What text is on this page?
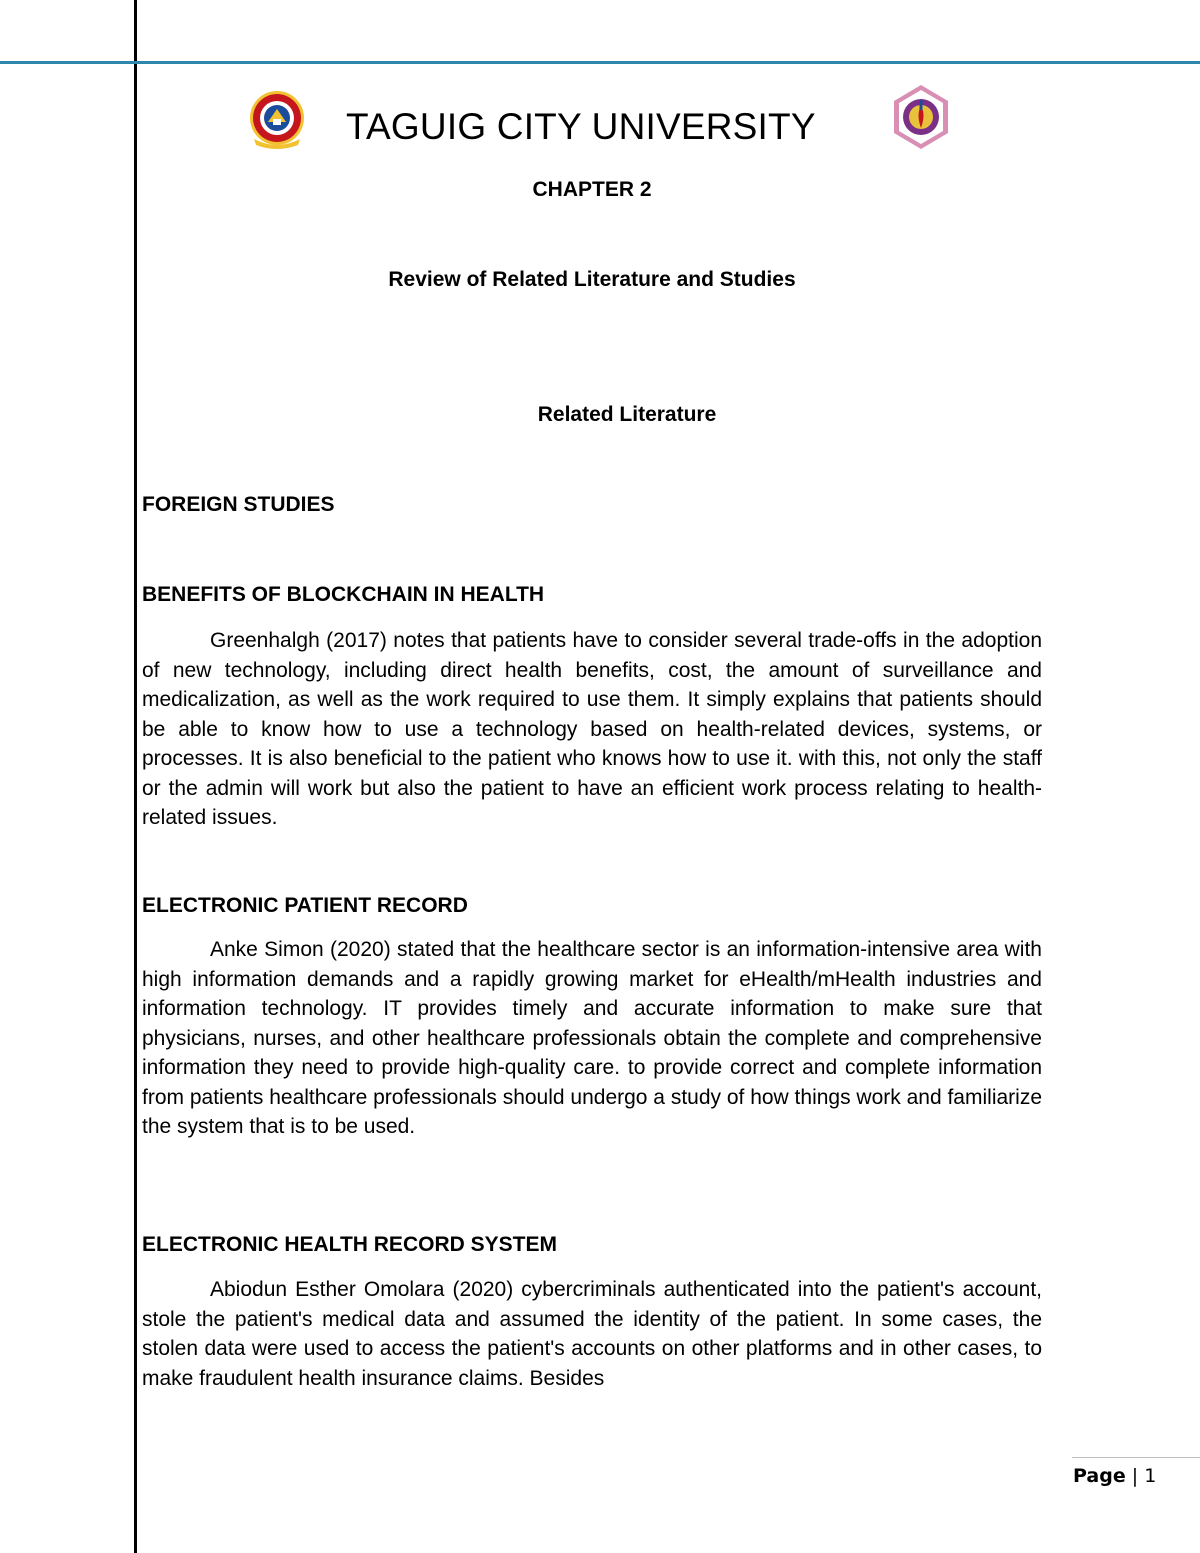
TAGUIG CITY UNIVERSITY
CHAPTER 2
Review of Related Literature and Studies
Related Literature
FOREIGN STUDIES
BENEFITS OF BLOCKCHAIN IN HEALTH
Greenhalgh (2017) notes that patients have to consider several trade-offs in the adoption of new technology, including direct health benefits, cost, the amount of surveillance and medicalization, as well as the work required to use them. It simply explains that patients should be able to know how to use a technology based on health-related devices, systems, or processes. It is also beneficial to the patient who knows how to use it. with this, not only the staff or the admin will work but also the patient to have an efficient work process relating to health-related issues.
ELECTRONIC PATIENT RECORD
Anke Simon (2020) stated that the healthcare sector is an information-intensive area with high information demands and a rapidly growing market for eHealth/mHealth industries and information technology. IT provides timely and accurate information to make sure that physicians, nurses, and other healthcare professionals obtain the complete and comprehensive information they need to provide high-quality care. to provide correct and complete information from patients healthcare professionals should undergo a study of how things work and familiarize the system that is to be used.
ELECTRONIC HEALTH RECORD SYSTEM
Abiodun Esther Omolara (2020) cybercriminals authenticated into the patient's account, stole the patient's medical data and assumed the identity of the patient. In some cases, the stolen data were used to access the patient's accounts on other platforms and in other cases, to make fraudulent health insurance claims. Besides
Page | 1
